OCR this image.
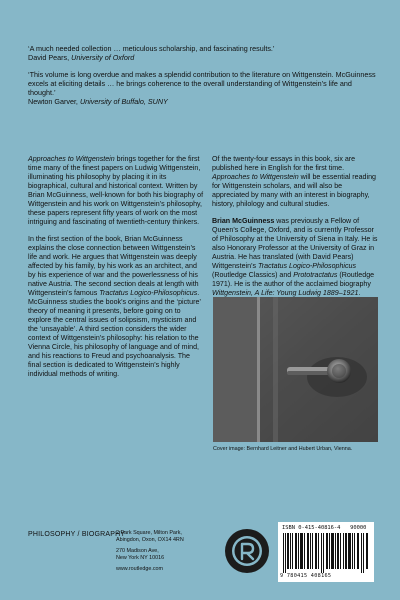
‘A much needed collection … meticulous scholarship, and fascinating results.’
David Pears, University of Oxford
‘This volume is long overdue and makes a splendid contribution to the literature on Wittgenstein. McGuinness excels at eliciting details … he brings coherence to the overall understanding of Wittgenstein’s life and thought.’
Newton Garver, University of Buffalo, SUNY

Approaches to Wittgenstein brings together for the first time many of the finest papers on Ludwig Wittgenstein, illuminating his philosophy by placing it in its biographical, cultural and historical context. Written by Brian McGuinness, well-known for both his biography of Wittgenstein and his work on Wittgenstein’s philosophy, these papers represent fifty years of work on the most intriguing and fascinating of twentieth-century thinkers.

In the first section of the book, Brian McGuinness explains the close connection between Wittgenstein’s life and work. He argues that Wittgenstein was deeply affected by his family, by his work as an architect, and by his experience of war and the powerlessness of his native Austria. The second section deals at length with Wittgenstein’s famous Tractatus Logico-Philosophicus. McGuinness studies the book’s origins and the ‘picture’ theory of meaning it presents, before going on to explore the central issues of solipsism, mysticism and the ‘unsayable’. A third section considers the wider context of Wittgenstein’s philosophy: his relation to the Vienna Circle, his philosophy of language and of mind, and his reactions to Freud and psychoanalysis. The final section is dedicated to Wittgenstein’s highly individual methods of writing.

Of the twenty-four essays in this book, six are published here in English for the first time. Approaches to Wittgenstein will be essential reading for Wittgenstein scholars, and will also be appreciated by many with an interest in biography, history, philology and cultural studies.

Brian McGuinness was previously a Fellow of Queen’s College, Oxford, and is currently Professor of Philosophy at the University of Siena in Italy. He is also Honorary Professor at the University of Graz in Austria. He has translated (with David Pears) Wittgenstein’s Tractatus Logico-Philosophicus (Routledge Classics) and Prototractatus (Routledge 1971). He is the author of the acclaimed biography Wittgenstein, A Life: Young Ludwig 1889–1921.

Cover image: Bernhard Leitner and Hubert Urban, Vienna.
PHILOSOPHY / BIOGRAPHY
2 Park Square, Milton Park,
Abingdon, Oxon, OX14 4RN
270 Madison Ave,
New York NY 10016
www.routledge.com
ISBN 0-415-40816-4 90000
9 780415 408165
